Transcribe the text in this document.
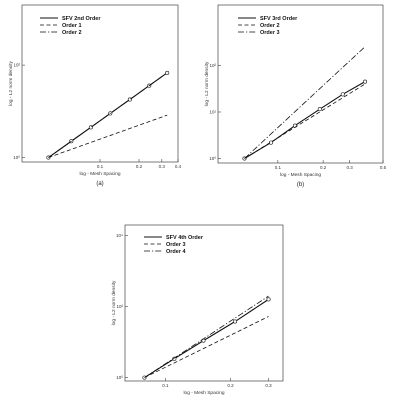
0.1	0.2	0.3 0.4
10⁰
10²
log - Mesh Spacing
log - L2 norm density
(a)
SFV 2nd Order
Order 1
Order 2
0.1	0.2	0.3	0.5
10⁰
10¹
10²
log - Mesh Spacing
log - L2 norm density
(b)
SFV 3rd Order
Order 2
Order 3
0.1	0.2	0.3
10⁰
10²
10⁴
log - Mesh Spacing
log - L2 norm density
SFV 4th Order
Order 3
Order 4
